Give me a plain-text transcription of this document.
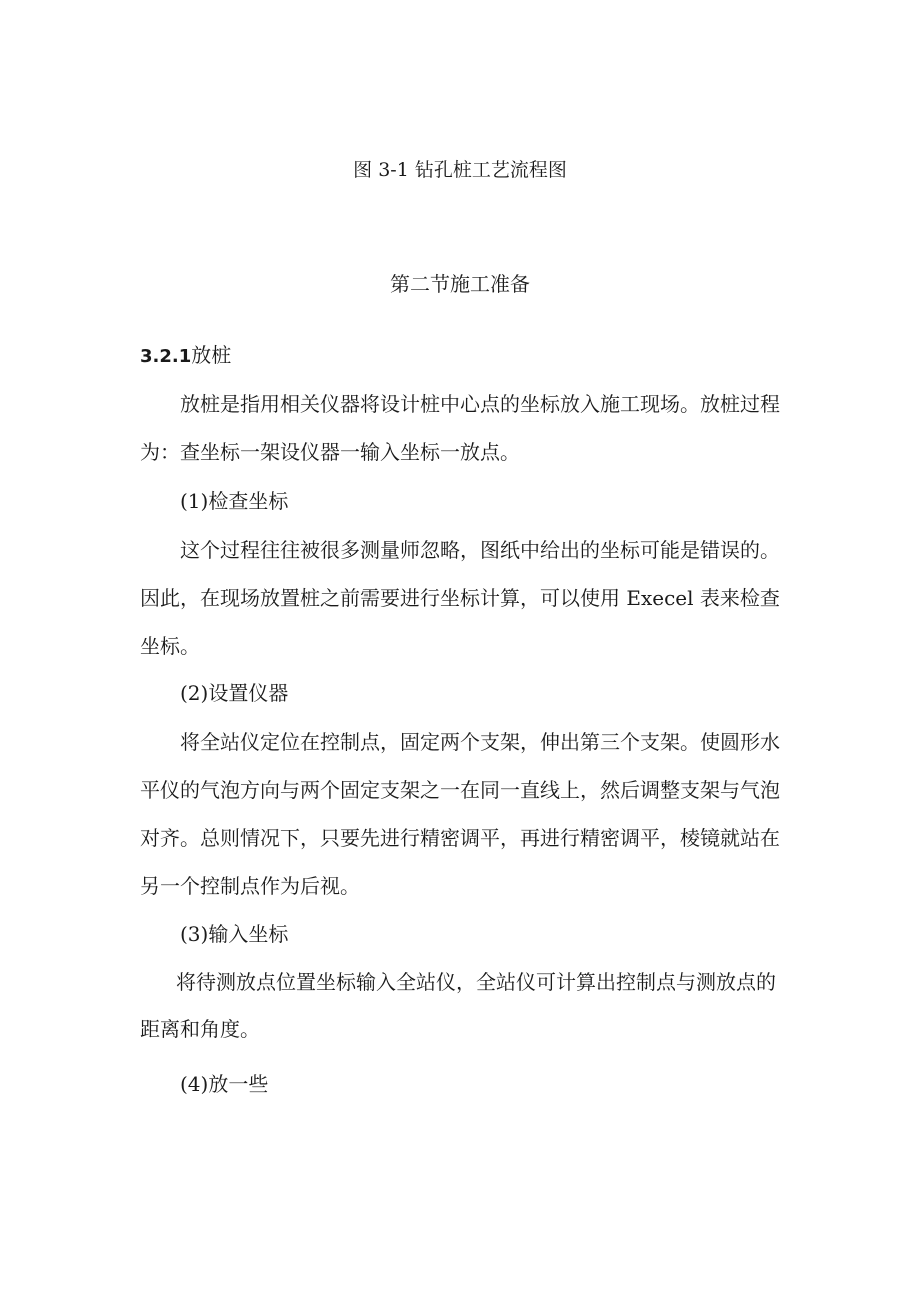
图 3-1 钻孔桩工艺流程图
第二节施工准备
3.2.1放桩
放桩是指用相关仪器将设计桩中心点的坐标放入施工现场。放桩过程
为：查坐标一架设仪器一输入坐标一放点。
(1)检查坐标
这个过程往往被很多测量师忽略，图纸中给出的坐标可能是错误的。
因此，在现场放置桩之前需要进行坐标计算，可以使用 Execel 表来检查
坐标。
(2)设置仪器
将全站仪定位在控制点，固定两个支架，伸出第三个支架。使圆形水
平仪的气泡方向与两个固定支架之一在同一直线上，然后调整支架与气泡
对齐。总则情况下，只要先进行精密调平，再进行精密调平，棱镜就站在
另一个控制点作为后视。
(3)输入坐标
将待测放点位置坐标输入全站仪，全站仪可计算出控制点与测放点的
距离和角度。
(4)放一些
